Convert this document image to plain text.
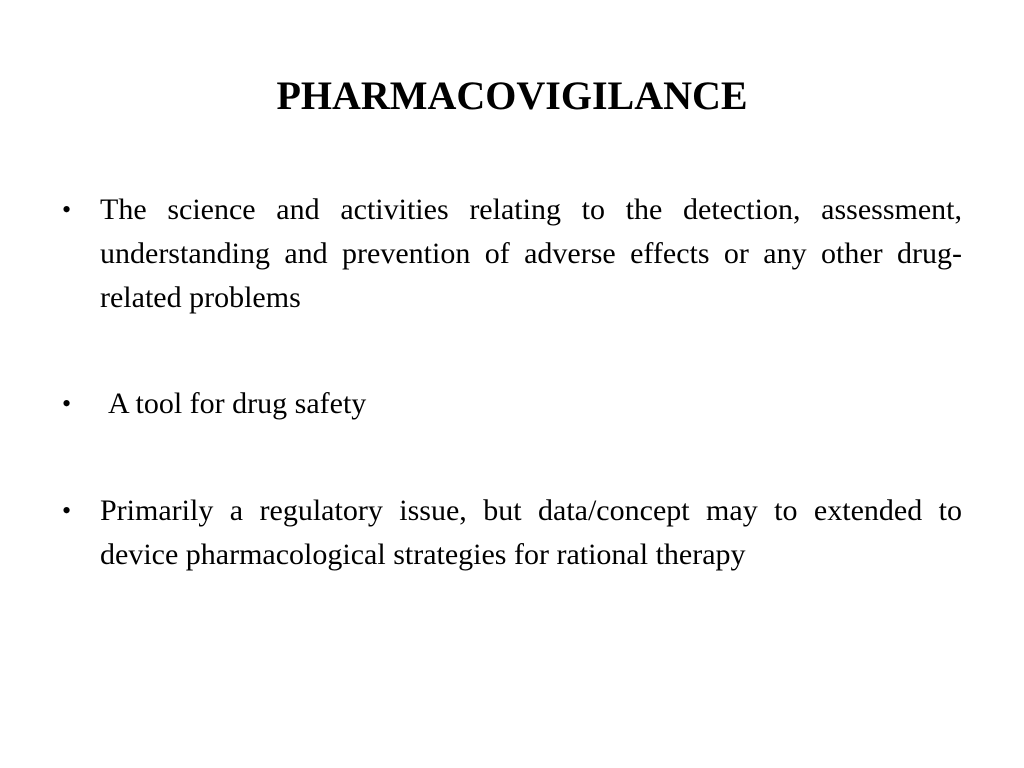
PHARMACOVIGILANCE
• The science and activities relating to the detection, assessment, understanding and prevention of adverse effects or any other drug-related problems
•	A tool for drug safety
• Primarily a regulatory issue, but data/concept may to extended to device pharmacological strategies for rational therapy
